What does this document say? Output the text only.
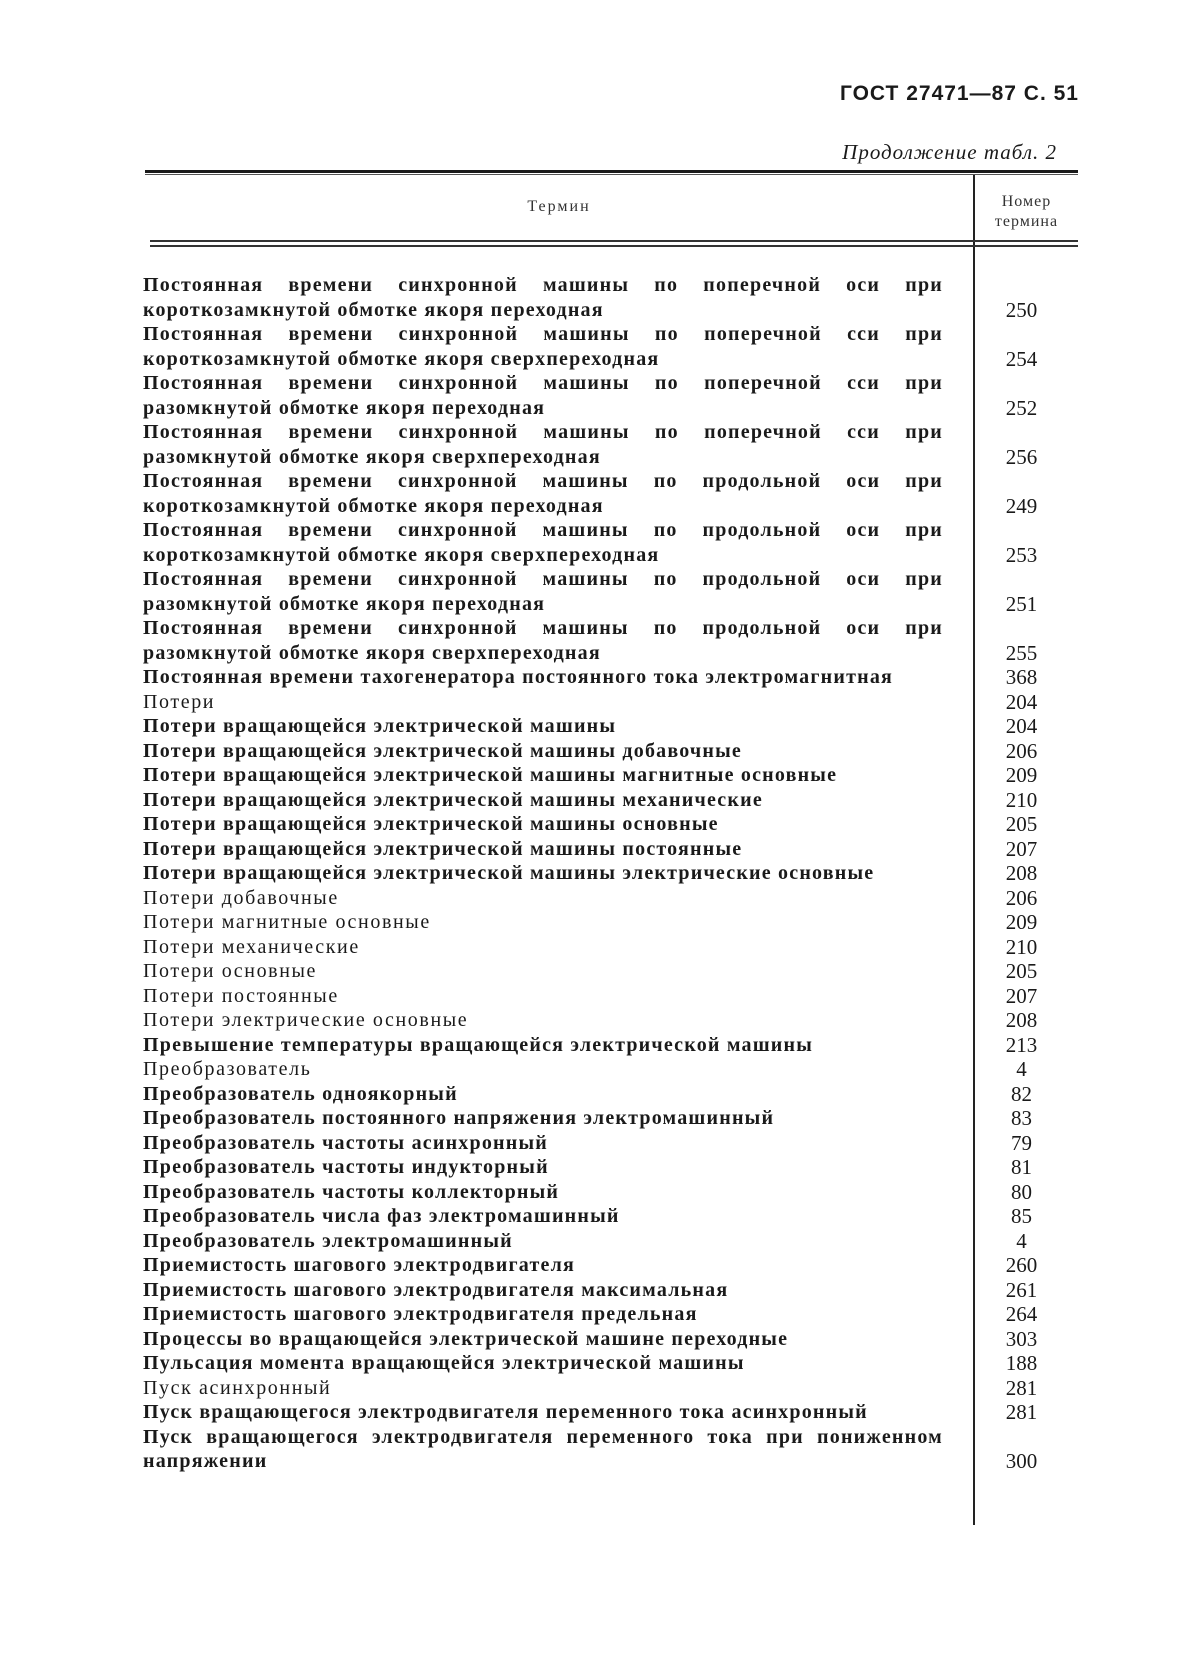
ГОСТ 27471—87 С. 51
Продолжение табл. 2
Термин	Номер термина
Постоянная времени синхронной машины по поперечной оси при короткозамкнутой обмотке якоря переходная	250
Постоянная времени синхронной машины по поперечной сси при короткозамкнутой обмотке якоря сверхпереходная	254
Постоянная времени синхронной машины по поперечной сси при разомкнутой обмотке якоря переходная	252
Постоянная времени синхронной машины по поперечной сси при разомкнутой обмотке якоря сверхпереходная	256
Постоянная времени синхронной машины по продольной оси при короткозамкнутой обмотке якоря переходная	249
Постоянная времени синхронной машины по продольной оси при короткозамкнутой обмотке якоря сверхпереходная	253
Постоянная времени синхронной машины по продольной оси при разомкнутой обмотке якоря переходная	251
Постоянная времени синхронной машины по продольной оси при разомкнутой обмотке якоря сверхпереходная	255
Постоянная времени тахогенератора постоянного тока электромагнитная	368
Потери	204
Потери вращающейся электрической машины	204
Потери вращающейся электрической машины добавочные	206
Потери вращающейся электрической машины магнитные основные	209
Потери вращающейся электрической машины механические	210
Потери вращающейся электрической машины основные	205
Потери вращающейся электрической машины постоянные	207
Потери вращающейся электрической машины электрические основные	208
Потери добавочные	206
Потери магнитные основные	209
Потери механические	210
Потери основные	205
Потери постоянные	207
Потери электрические основные	208
Превышение температуры вращающейся электрической машины	213
Преобразователь	4
Преобразователь одноякорный	82
Преобразователь постоянного напряжения электромашинный	83
Преобразователь частоты асинхронный	79
Преобразователь частоты индукторный	81
Преобразователь частоты коллекторный	80
Преобразователь числа фаз электромашинный	85
Преобразователь электромашинный	4
Приемистость шагового электродвигателя	260
Приемистость шагового электродвигателя максимальная	261
Приемистость шагового электродвигателя предельная	264
Процессы во вращающейся электрической машине переходные	303
Пульсация момента вращающейся электрической машины	188
Пуск асинхронный	281
Пуск вращающегося электродвигателя переменного тока асинхронный	281
Пуск вращающегося электродвигателя переменного тока при пониженном напряжении	300
